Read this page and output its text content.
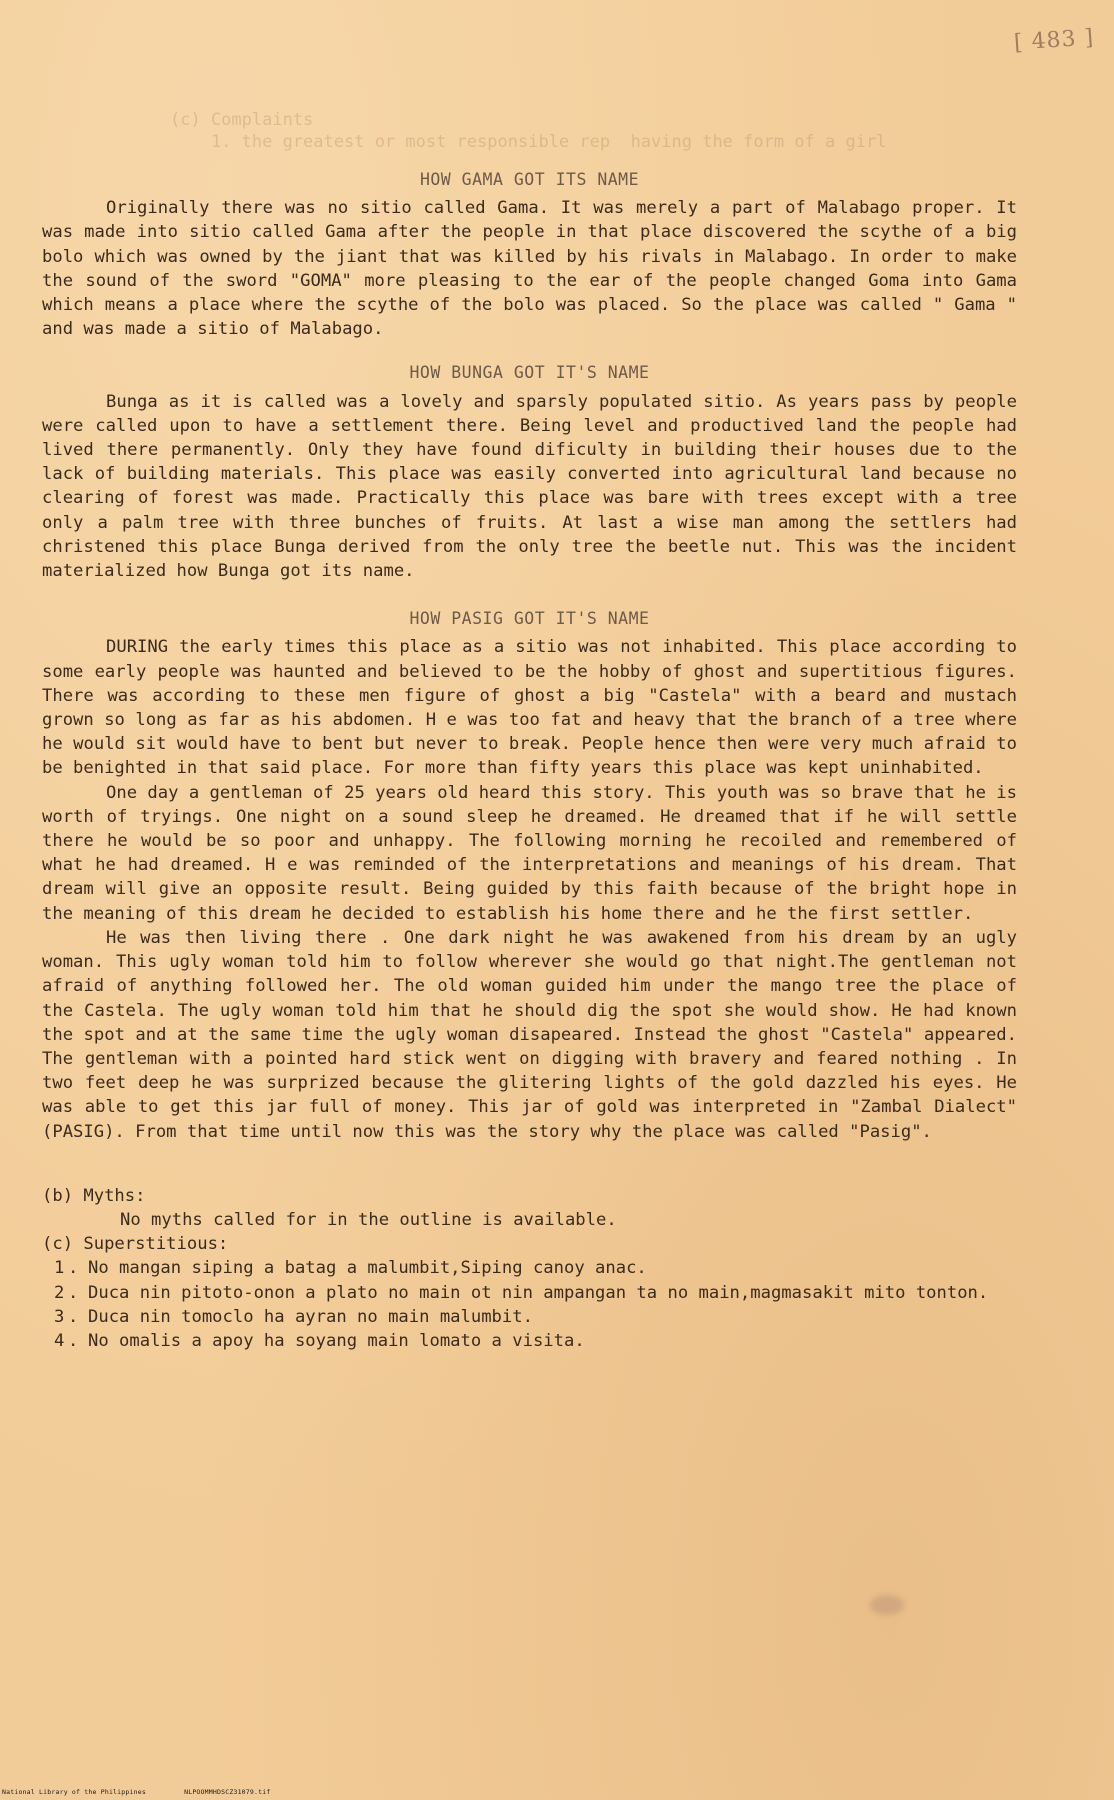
[ 483 ]
(c) Complaints
1. the greatest or most responsible rep  having the form of a girl
HOW GAMA GOT ITS NAME

Originally there was no sitio called Gama. It was merely a part of Malabago proper. It was made into sitio called Gama after the people in that place discovered the scythe of a big bolo which was owned by the jiant that was killed by his rivals in Malabago. In order to make the sound of the sword "GOMA" more pleasing to the ear of the people changed Goma into Gama which means a place where the scythe of the bolo was placed. So the place was called " Gama " and was made a sitio of Malabago.

HOW BUNGA GOT IT'S NAME

Bunga as it is called was a lovely and sparsly populated sitio. As years pass by people were called upon to have a settlement there. Being level and productived land the people had lived there permanently. Only they have found dificulty in building their houses due to the lack of building materials. This place was easily converted into agricultural land because no clearing of forest was made. Practically this place was bare with trees except with a tree only a palm tree with three bunches of fruits. At last a wise man among the settlers had christened this place Bunga derived from the only tree the beetle nut. This was the incident materialized how Bunga got its name.

HOW PASIG GOT IT'S NAME

DURING the early times this place as a sitio was not inhabited. This place according to some early people was haunted and believed to be the hobby of ghost and supertitious figures. There was according to these men figure of ghost a big "Castela" with a beard and mustach grown so long as far as his abdomen. H e was too fat and heavy that the branch of a tree where he would sit would have to bent but never to break. People hence then were very much afraid to be benighted in that said place. For more than fifty years this place was kept uninhabited.

One day a gentleman of 25 years old heard this story. This youth was so brave that he is worth of tryings. One night on a sound sleep he dreamed. He dreamed that if he will settle there he would be so poor and unhappy. The following morning he recoiled and remembered of what he had dreamed. H e was reminded of the interpretations and meanings of his dream. That dream will give an opposite result. Being guided by this faith because of the bright hope in the meaning of this dream he decided to establish his home there and he the first settler.

He was then living there . One dark night he was awakened from his dream by an ugly woman. This ugly woman told him to follow wherever she would go that night.The gentleman not afraid of anything followed her. The old woman guided him under the mango tree the place of the Castela. The ugly woman told him that he should dig the spot she would show. He had known the spot and at the same time the ugly woman disapeared. Instead the ghost "Castela" appeared. The gentleman with a pointed hard stick went on digging with bravery and feared nothing . In two feet deep he was surprized because the glitering lights of the gold dazzled his eyes. He was able to get this jar full of money. This jar of gold was interpreted in "Zambal Dialect"(PASIG). From that time until now this was the story why the place was called "Pasig".

(b) Myths:
No myths called for in the outline is available.
(c) Superstitious:
1 . No mangan siping a batag a malumbit,Siping canoy anac.
2 . Duca nin pitoto-onon a plato no main ot nin ampangan ta no main,magmasakit mito tonton.
3 . Duca nin tomoclo ha ayran no main malumbit.
4 . No omalis a apoy ha soyang main lomato a visita.
National Library of the Philippines	NLPOOMMHDSCZ31079.tif
